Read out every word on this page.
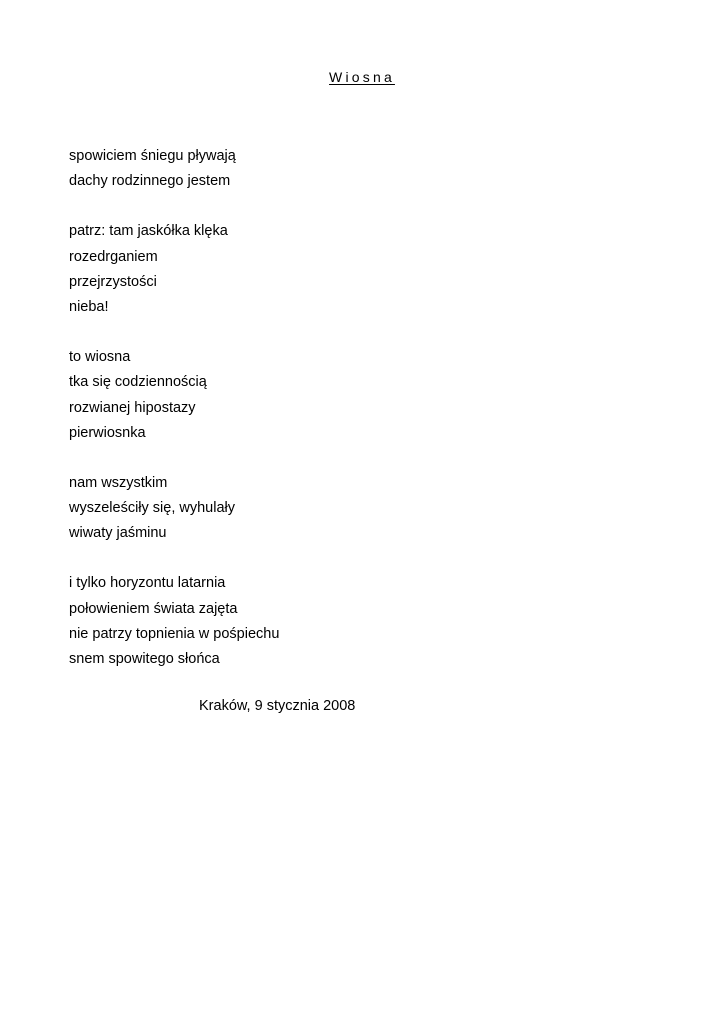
Wiosna
spowiciem śniegu pływają
dachy rodzinnego jestem
patrz: tam jaskółka klęka
rozedrganiem
przejrzystości
nieba!
to wiosna
tka się codziennością
rozwianej hipostazy
pierwiosnka
nam wszystkim
wyszeleściły się, wyhulały
wiwaty jaśminu
i tylko horyzontu latarnia
połowieniem świata zajęta
nie patrzy topnienia w pośpiechu
snem spowitego słońca
Kraków, 9 stycznia 2008
